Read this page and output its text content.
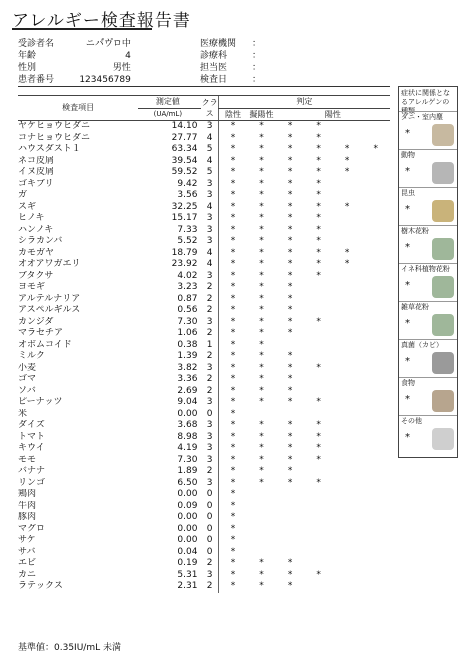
アレルギー検査報告書
受診者名	ニパ゚ウ゚ロ中
年齢	4
性別	男性
患者番号	123456789
医療機関 ：
診療科	：
担当医	：
検査日	：
検査項目	測定値	クラス	判定					
	(UA/mL)		陰性	擬陽性	陽性			
ヤケヒョウヒダニ	14.10	3	*	*	*	*		
コナヒョウヒダニ	27.77	4	*	*	*	*		
ハウスダスト１	63.34	5	*	*	*	*	*	*
ネコ皮屑	39.54	4	*	*	*	*	*	
イヌ皮屑	59.52	5	*	*	*	*	*	
ゴキブリ	9.42	3	*	*	*	*		
ガ	3.56	3	*	*	*	*		
スギ	32.25	4	*	*	*	*	*	
ヒノキ	15.17	3	*	*	*	*		
ハンノキ	7.33	3	*	*	*	*		
シラカンバ	5.52	3	*	*	*	*		
カモガヤ	18.79	4	*	*	*	*	*	
オオアワガエリ	23.92	4	*	*	*	*	*	
ブタクサ	4.02	3	*	*	*	*		
ヨモギ	3.23	2	*	*	*			
アルテルナリア	0.87	2	*	*	*			
アスペルギルス	0.56	2	*	*	*			
カンジダ	7.30	3	*	*	*	*		
マラセチア	1.06	2	*	*	*			
オボムコイド	0.38	1	*	*				
ミルク	1.39	2	*	*	*			
小麦	3.82	3	*	*	*	*		
ゴマ	3.36	2	*	*	*			
ソバ	2.69	2	*	*	*			
ピーナッツ	9.04	3	*	*	*	*		
米	0.00	0	*					
ダイズ	3.68	3	*	*	*	*		
トマト	8.98	3	*	*	*	*		
キウイ	4.19	3	*	*	*	*		
モモ	7.30	3	*	*	*	*		
バナナ	1.89	2	*	*	*			
リンゴ	6.50	3	*	*	*	*		
鶏肉	0.00	0	*					
牛肉	0.09	0	*					
豚肉	0.00	0	*					
マグロ	0.00	0	*					
サケ	0.00	0	*					
サバ	0.04	0	*					
エビ	0.19	2	*	*	*			
カニ	5.31	3	*	*	*	*		
ラテックス	2.31	2	*	*	*			
基準値：0.35IU/mL 未満
症状に関係となるアレルゲンの種類
ダニ・室内塵
*
動物
*
昆虫
*
樹木花粉
*
イネ科植物花粉
*
雑草花粉
*
真菌（カビ）
*
食物
*
その他
*
